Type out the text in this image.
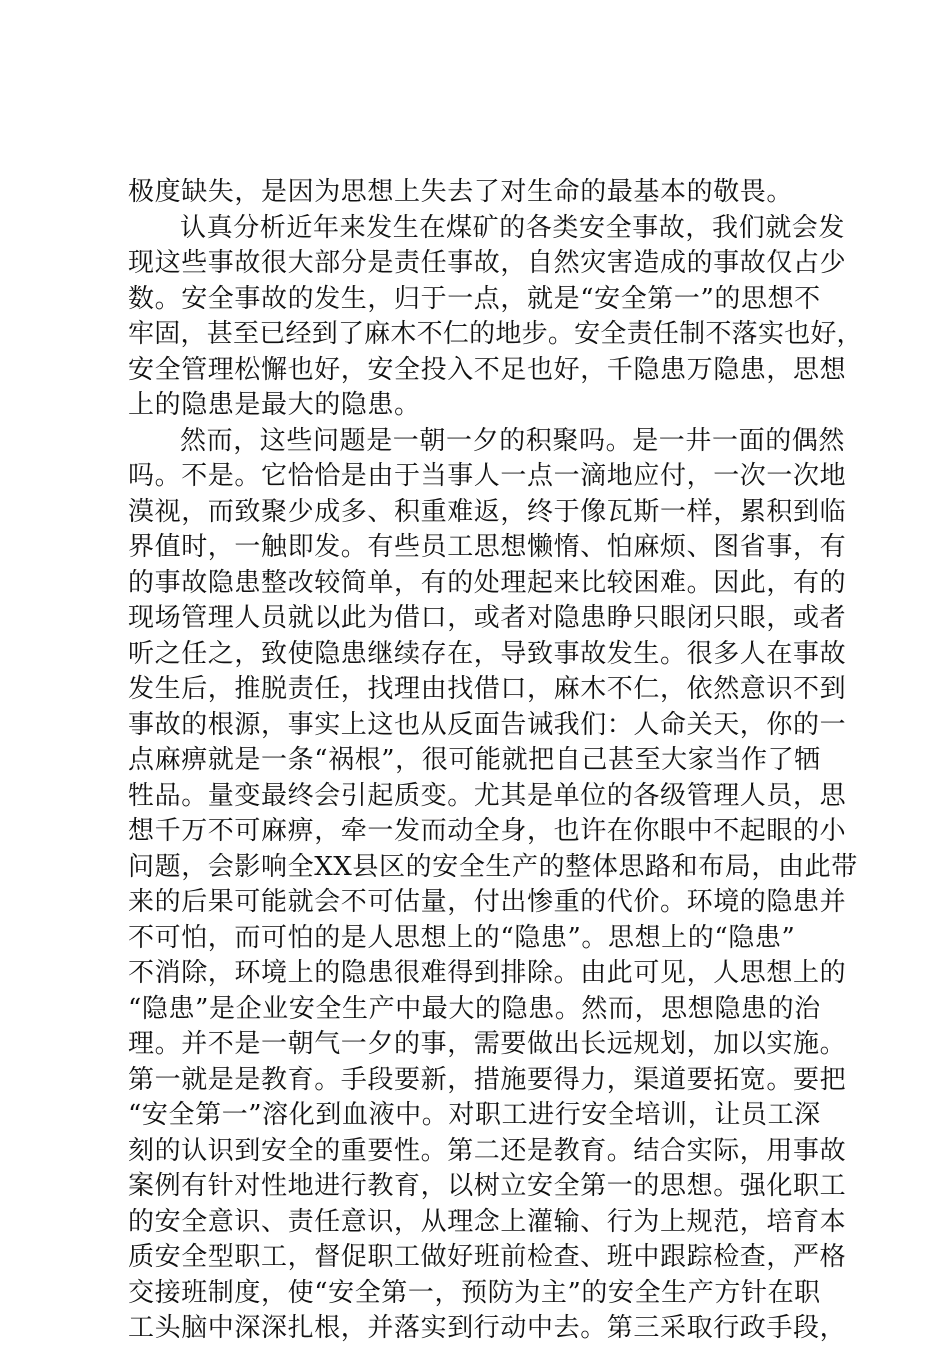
极度缺失，是因为思想上失去了对生命的最基本的敬畏。
认真分析近年来发生在煤矿的各类安全事故，我们就会发
现这些事故很大部分是责任事故，自然灾害造成的事故仅占少
数。安全事故的发生，归于一点，就是“安全第一”的思想不
牢固，甚至已经到了麻木不仁的地步。安全责任制不落实也好，
安全管理松懈也好，安全投入不足也好，千隐患万隐患，思想
上的隐患是最大的隐患。
然而，这些问题是一朝一夕的积聚吗。是一井一面的偶然
吗。不是。它恰恰是由于当事人一点一滴地应付，一次一次地
漠视，而致聚少成多、积重难返，终于像瓦斯一样，累积到临
界值时，一触即发。有些员工思想懒惰、怕麻烦、图省事，有
的事故隐患整改较简单，有的处理起来比较困难。因此，有的
现场管理人员就以此为借口，或者对隐患睁只眼闭只眼，或者
听之任之，致使隐患继续存在，导致事故发生。很多人在事故
发生后，推脱责任，找理由找借口，麻木不仁，依然意识不到
事故的根源，事实上这也从反面告诫我们：人命关天，你的一
点麻痹就是一条“祸根”，很可能就把自己甚至大家当作了牺
牲品。量变最终会引起质变。尤其是单位的各级管理人员，思
想千万不可麻痹，牵一发而动全身，也许在你眼中不起眼的小
问题，会影响全XX县区的安全生产的整体思路和布局，由此带
来的后果可能就会不可估量，付出惨重的代价。环境的隐患并
不可怕，而可怕的是人思想上的“隐患”。思想上的“隐患”
不消除，环境上的隐患很难得到排除。由此可见，人思想上的
“隐患”是企业安全生产中最大的隐患。然而，思想隐患的治
理。并不是一朝气一夕的事，需要做出长远规划，加以实施。
第一就是是教育。手段要新，措施要得力，渠道要拓宽。要把
“安全第一”溶化到血液中。对职工进行安全培训，让员工深
刻的认识到安全的重要性。第二还是教育。结合实际，用事故
案例有针对性地进行教育，以树立安全第一的思想。强化职工
的安全意识、责任意识，从理念上灌输、行为上规范，培育本
质安全型职工，督促职工做好班前检查、班中跟踪检查，严格
交接班制度，使“安全第一，预防为主”的安全生产方针在职
工头脑中深深扎根，并落实到行动中去。第三采取行政手段，
